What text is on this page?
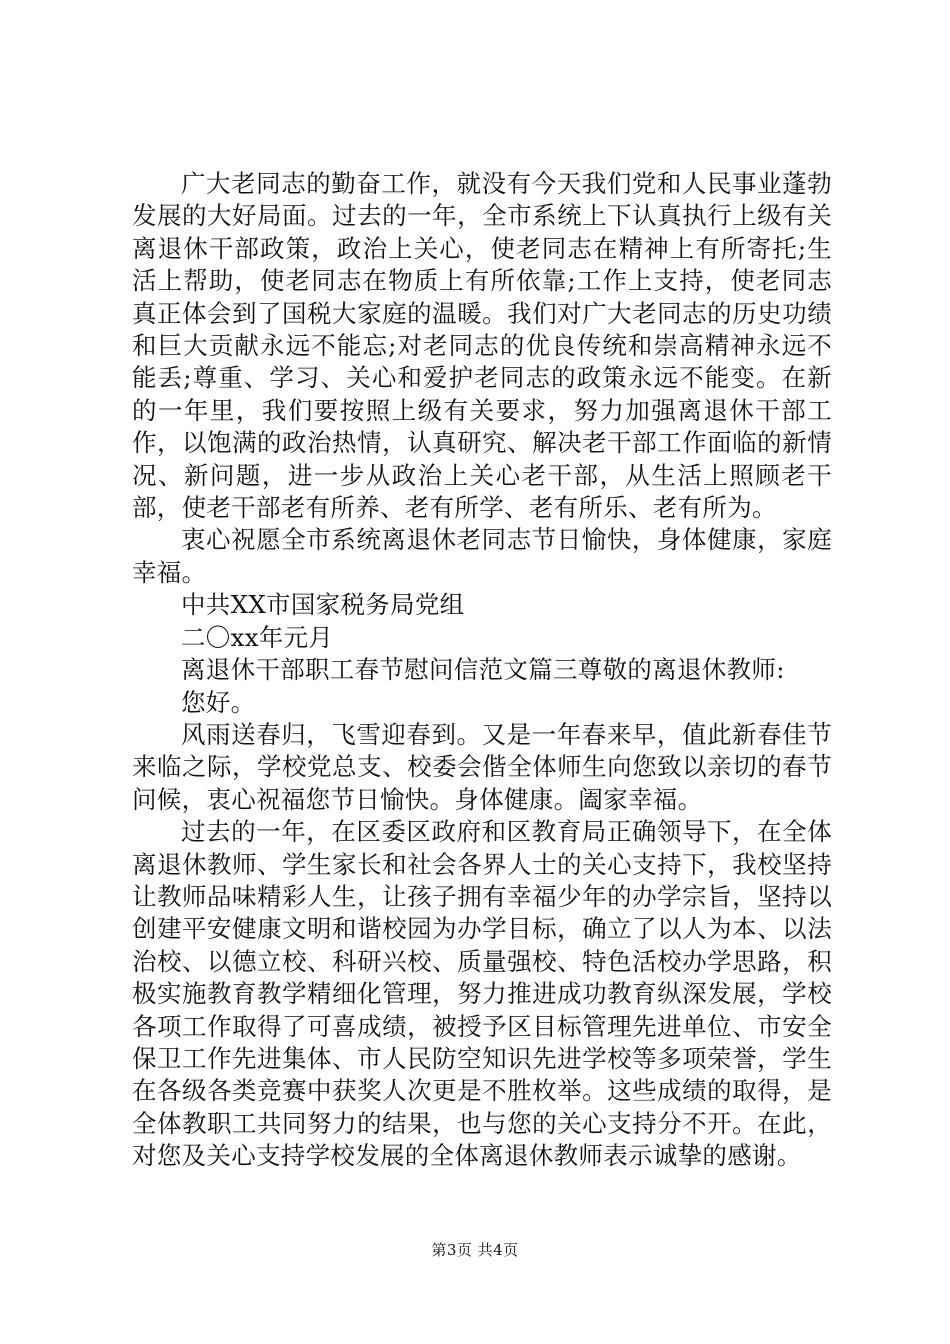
广大老同志的勤奋工作，就没有今天我们党和人民事业蓬勃发展的大好局面。过去的一年，全市系统上下认真执行上级有关离退休干部政策，政治上关心，使老同志在精神上有所寄托;生活上帮助，使老同志在物质上有所依靠;工作上支持，使老同志真正体会到了国税大家庭的温暖。我们对广大老同志的历史功绩和巨大贡献永远不能忘;对老同志的优良传统和崇高精神永远不能丢;尊重、学习、关心和爱护老同志的政策永远不能变。在新的一年里，我们要按照上级有关要求，努力加强离退休干部工作，以饱满的政治热情，认真研究、解决老干部工作面临的新情况、新问题，进一步从政治上关心老干部，从生活上照顾老干部，使老干部老有所养、老有所学、老有所乐、老有所为。

衷心祝愿全市系统离退休老同志节日愉快，身体健康，家庭幸福。

中共XX市国家税务局党组

二〇xx年元月

离退休干部职工春节慰问信范文篇三尊敬的离退休教师:

您好。

风雨送春归，飞雪迎春到。又是一年春来早，值此新春佳节来临之际，学校党总支、校委会偕全体师生向您致以亲切的春节问候，衷心祝福您节日愉快。身体健康。阖家幸福。

过去的一年，在区委区政府和区教育局正确领导下，在全体离退休教师、学生家长和社会各界人士的关心支持下，我校坚持让教师品味精彩人生，让孩子拥有幸福少年的办学宗旨，坚持以创建平安健康文明和谐校园为办学目标，确立了以人为本、以法治校、以德立校、科研兴校、质量强校、特色活校办学思路，积极实施教育教学精细化管理，努力推进成功教育纵深发展，学校各项工作取得了可喜成绩，被授予区目标管理先进单位、市安全保卫工作先进集体、市人民防空知识先进学校等多项荣誉，学生在各级各类竞赛中获奖人次更是不胜枚举。这些成绩的取得，是全体教职工共同努力的结果，也与您的关心支持分不开。在此，对您及关心支持学校发展的全体离退休教师表示诚挚的感谢。

第3页 共4页
